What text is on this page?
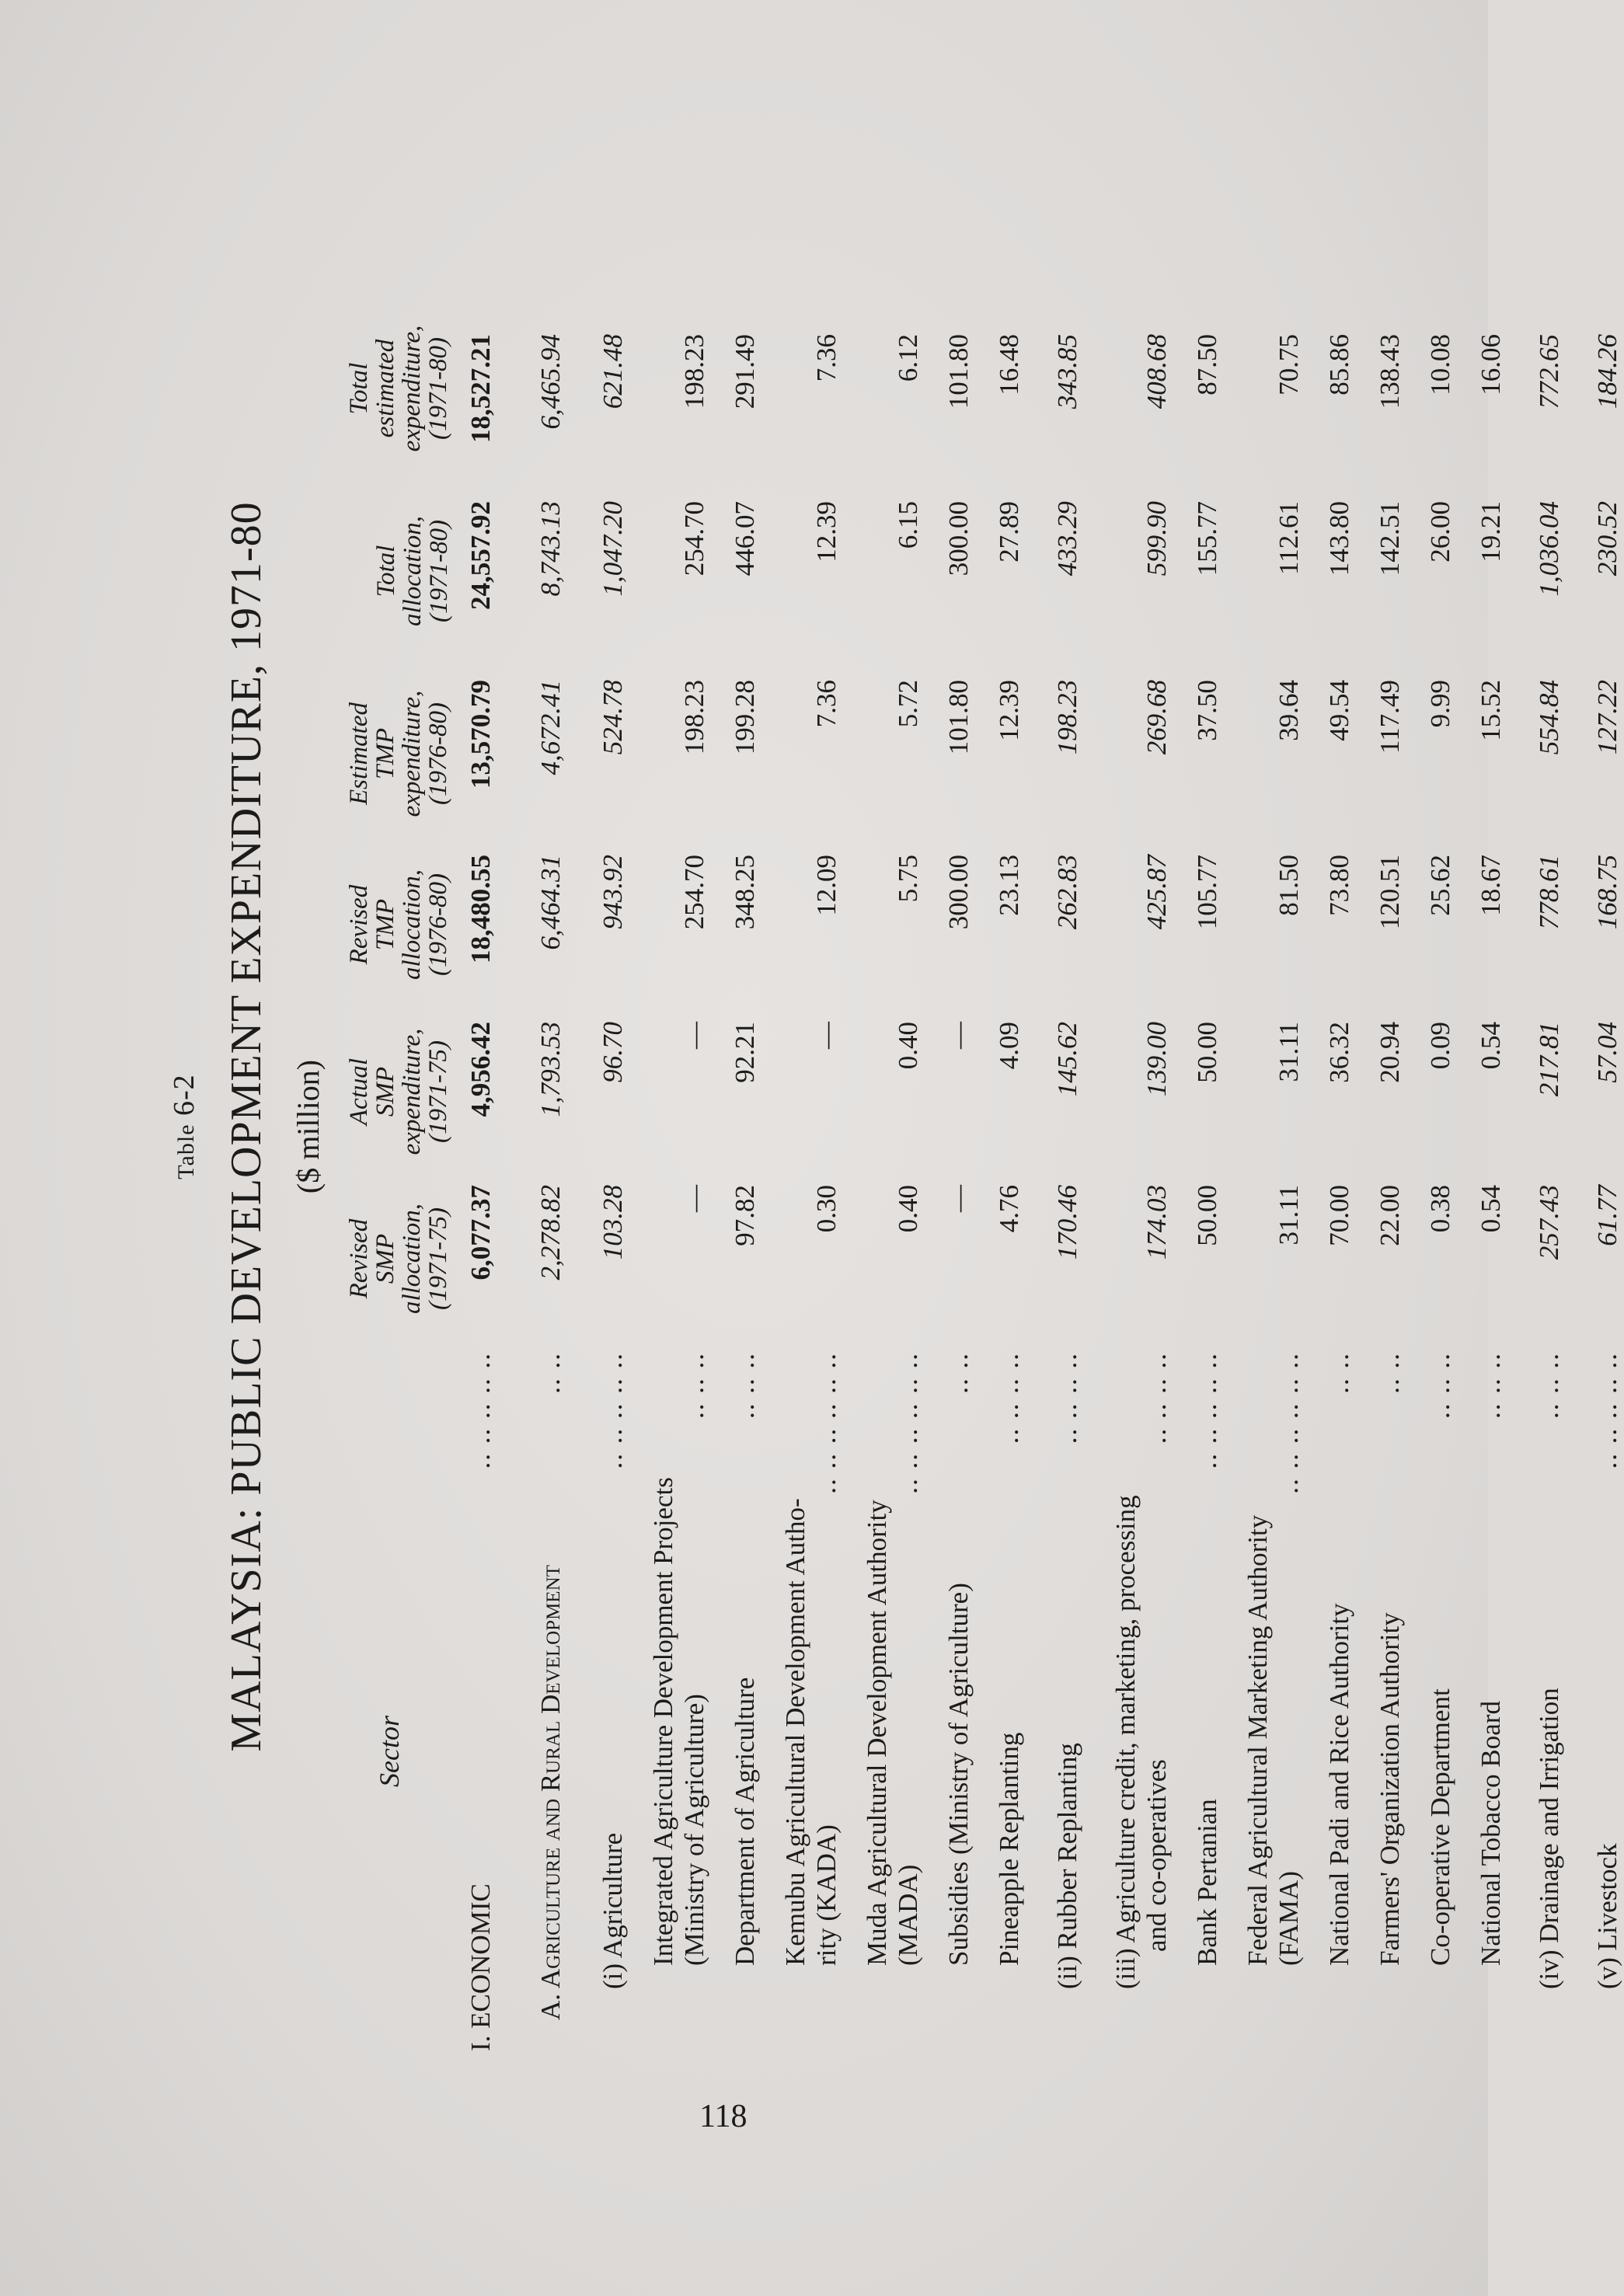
Table 6-2 MALAYSIA: PUBLIC DEVELOPMENT EXPENDITURE, 1971-80 ($ million)
Sector
Revised
SMP
allocation,
(1971-75)
Actual
SMP
expenditure,
(1971-75)
Revised
TMP
allocation,
(1976-80)
Estimated
TMP
expenditure,
(1976-80)
Total
allocation,
(1971-80)
Total
estimated
expenditure,
(1971-80)
I. ECONOMIC
.. .. .. .. ..
6,077.37
4,956.42
18,480.55
13,570.79
24,557.92
18,527.21
A. Agriculture and Rural Development
.. ..
2,278.82
1,793.53
6,464.31
4,672.41
8,743.13
6,465.94
(i) Agriculture
.. .. .. .. ..
103.28
96.70
943.92
524.78
1,047.20
621.48
Integrated Agriculture Development Projects (Ministry of Agriculture)
.. .. ..
—
—
254.70
198.23
254.70
198.23
Department of Agriculture
.. .. ..
97.82
92.21
348.25
199.28
446.07
291.49
Kemubu Agricultural Development Autho- rity (KADA)
.. .. .. .. .. ..
0.30
—
12.09
7.36
12.39
7.36
Muda Agricultural Development Authority (MADA)
.. .. .. .. .. ..
0.40
0.40
5.75
5.72
6.15
6.12
Subsidies (Ministry of Agriculture)
.. ..
—
—
300.00
101.80
300.00
101.80
Pineapple Replanting
.. .. .. ..
4.76
4.09
23.13
12.39
27.89
16.48
(ii) Rubber Replanting
.. .. .. ..
170.46
145.62
262.83
198.23
433.29
343.85
(iii) Agriculture credit, marketing, processing and co-operatives
.. .. .. ..
174.03
139.00
425.87
269.68
599.90
408.68
Bank Pertanian
.. .. .. .. ..
50.00
50.00
105.77
37.50
155.77
87.50
Federal Agricultural Marketing Authority (FAMA)
.. .. .. .. .. ..
31.11
31.11
81.50
39.64
112.61
70.75
National Padi and Rice Authority
.. ..
70.00
36.32
73.80
49.54
143.80
85.86
Farmers' Organization Authority
.. ..
22.00
20.94
120.51
117.49
142.51
138.43
Co-operative Department
.. .. ..
0.38
0.09
25.62
9.99
26.00
10.08
National Tobacco Board
.. .. ..
0.54
0.54
18.67
15.52
19.21
16.06
(iv) Drainage and Irrigation
.. .. ..
257.43
217.81
778.61
554.84
1,036.04
772.65
(v) Livestock
.. .. .. .. ..
61.77
57.04
168.75
127.22
230.52
184.26
118
